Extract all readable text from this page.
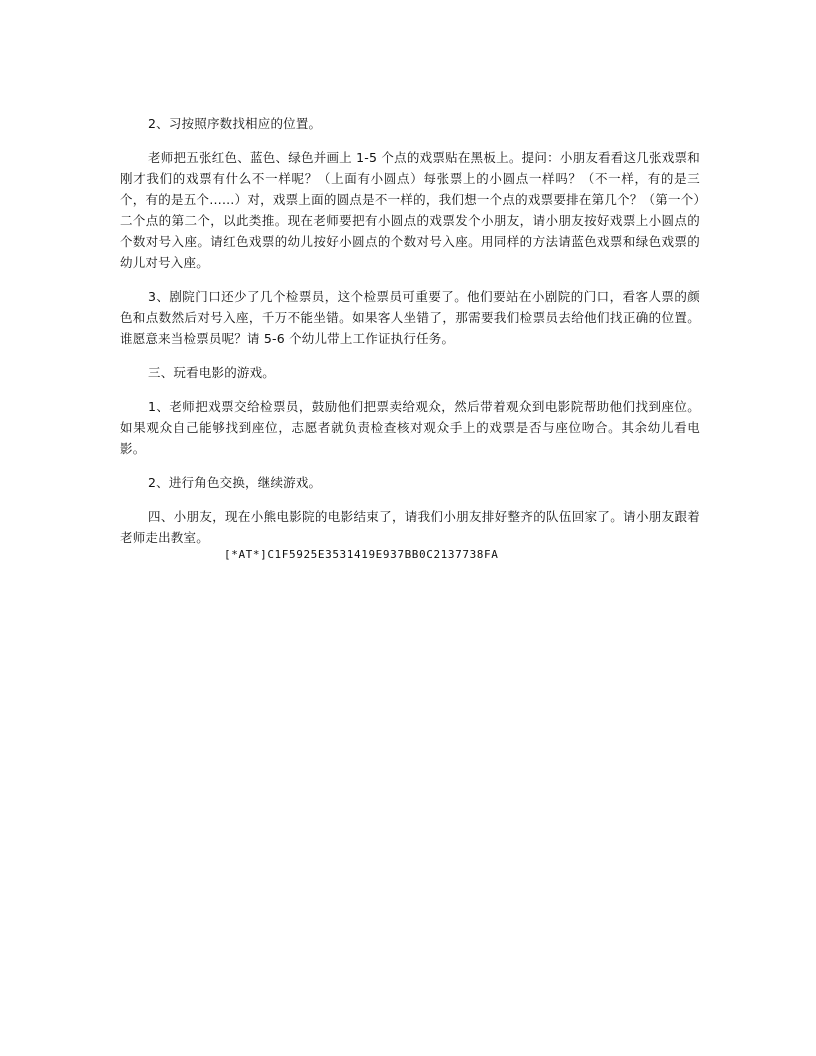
2、习按照序数找相应的位置。

老师把五张红色、蓝色、绿色并画上 1-5 个点的戏票贴在黑板上。提问：小朋友看看这几张戏票和刚才我们的戏票有什么不一样呢？（上面有小圆点）每张票上的小圆点一样吗？（不一样，有的是三个，有的是五个……）对，戏票上面的圆点是不一样的，我们想一个点的戏票要排在第几个？（第一个）二个点的第二个，以此类推。现在老师要把有小圆点的戏票发个小朋友，请小朋友按好戏票上小圆点的个数对号入座。请红色戏票的幼儿按好小圆点的个数对号入座。用同样的方法请蓝色戏票和绿色戏票的幼儿对号入座。

3、剧院门口还少了几个检票员，这个检票员可重要了。他们要站在小剧院的门口，看客人票的颜色和点数然后对号入座，千万不能坐错。如果客人坐错了，那需要我们检票员去给他们找正确的位置。谁愿意来当检票员呢？请 5-6 个幼儿带上工作证执行任务。

三、玩看电影的游戏。

1、老师把戏票交给检票员，鼓励他们把票卖给观众，然后带着观众到电影院帮助他们找到座位。如果观众自己能够找到座位，志愿者就负责检查核对观众手上的戏票是否与座位吻合。其余幼儿看电影。

2、进行角色交换，继续游戏。

四、小朋友，现在小熊电影院的电影结束了，请我们小朋友排好整齐的队伍回家了。请小朋友跟着老师走出教室。

[*AT*]C1F5925E3531419E937BB0C2137738FA
